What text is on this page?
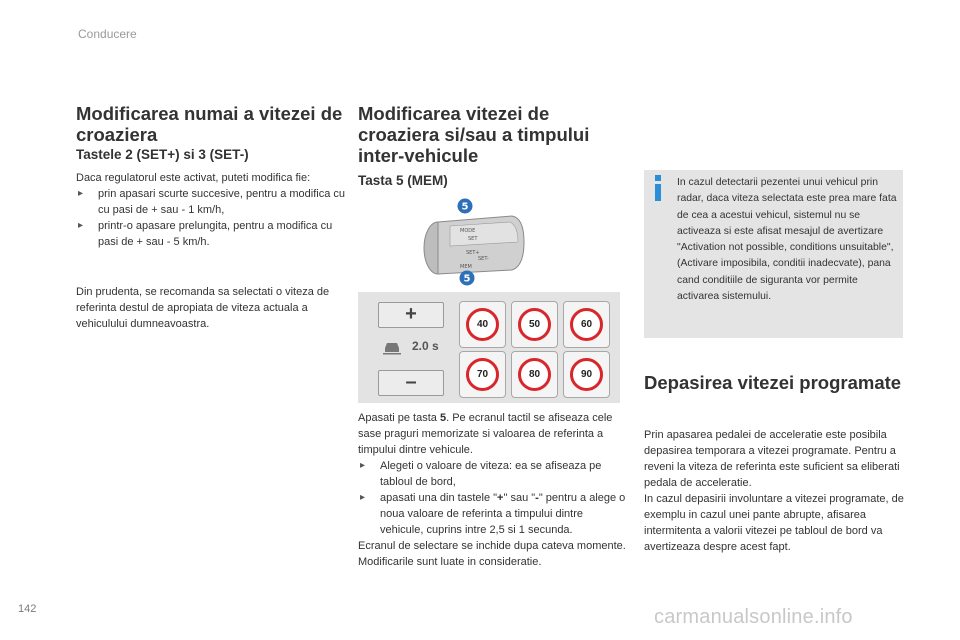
Conducere
142	carmanualsonline.info
Modificarea numai a vitezei de croaziera
Tastele 2 (SET+) si 3 (SET-)

Daca regulatorul este activat, puteti modifica fie:

▸ prin apasari scurte succesive, pentru a modifica cu cu pasi de + sau - 1 km/h,
▸ printr-o apasare prelungita, pentru a modifica cu pasi de + sau - 5 km/h.
Din prudenta, se recomanda sa selectati o viteza de referinta destul de apropiata de viteza actuala a vehiculului dumneavoastra.
Modificarea vitezei de croaziera si/sau a timpului inter-vehicule
Tasta 5 (MEM)
MODE
SET
SET+
SET-
MEM
5
5
+
2.0 s
–
40	50	60
70	80	90

Apasati pe tasta 5. Pe ecranul tactil se afiseaza cele sase praguri memorizate si valoarea de referinta a timpului dintre vehicule.

▸ Alegeti o valoare de viteza: ea se afiseaza pe tabloul de bord,
▸ apasati una din tastele "+" sau "-" pentru a alege o noua valoare de referinta a timpului dintre vehicule, cuprins intre 2,5 si 1 secunda.

Ecranul de selectare se inchide dupa cateva momente. Modificarile sunt luate in consideratie.

In cazul detectarii pezentei unui vehicul prin radar, daca viteza selectata este prea mare fata de cea a acestui vehicul, sistemul nu se activeaza si este afisat mesajul de avertizare "Activation not possible, conditions unsuitable", (Activare imposibila, conditii inadecvate), pana cand conditiile de siguranta vor permite activarea sistemului.
Depasirea vitezei programate

Prin apasarea pedalei de acceleratie este posibila depasirea temporara a vitezei programate. Pentru a reveni la viteza de referinta este suficient sa eliberati pedala de acceleratie.

In cazul depasirii involuntare a vitezei programate, de exemplu in cazul unei pante abrupte, afisarea intermitenta a valorii vitezei pe tabloul de bord va avertizeaza despre acest fapt.
